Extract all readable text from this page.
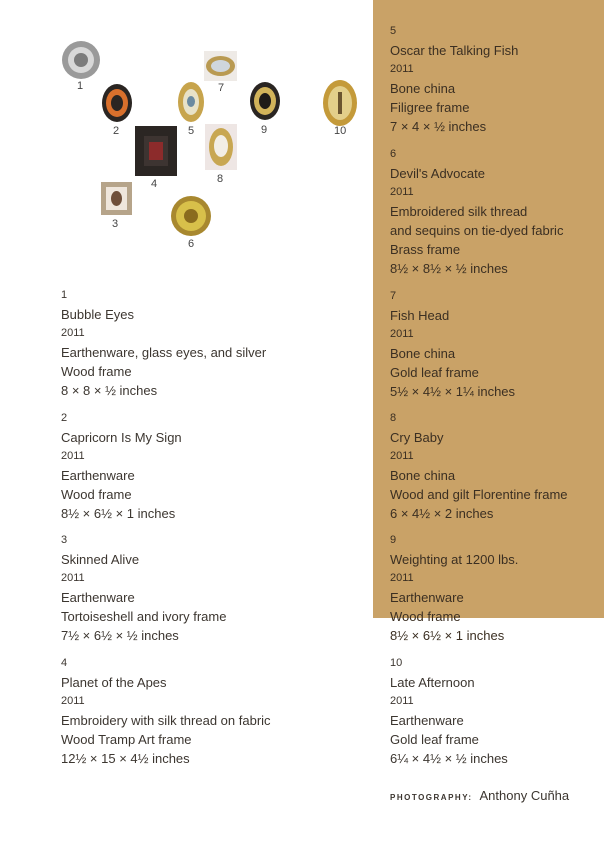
1
2
3
4
5
6
7
8
9	10
1
Bubble Eyes
2011
Earthenware, glass eyes, and silver
Wood frame
8 × 8 × ½ inches
2
Capricorn Is My Sign
2011
Earthenware
Wood frame
8½ × 6½ × 1 inches
3
Skinned Alive
2011
Earthenware
Tortoiseshell and ivory frame
7½ × 6½ × ½ inches
4
Planet of the Apes
2011
Embroidery with silk thread on fabric
Wood Tramp Art frame
12½ × 15 × 4½ inches
5
Oscar the Talking Fish
2011
Bone china
Filigree frame
7 × 4 × ½ inches
6
Devil's Advocate
2011
Embroidered silk thread
and sequins on tie-dyed fabric
Brass frame
8½ × 8½ × ½ inches
7
Fish Head
2011
Bone china
Gold leaf frame
5½ × 4½ × 1¼ inches
8
Cry Baby
2011
Bone china
Wood and gilt Florentine frame
6 × 4½ × 2 inches
9
Weighting at 1200 lbs.
2011
Earthenware
Wood frame
8½ × 6½ × 1 inches
10
Late Afternoon
2011
Earthenware
Gold leaf frame
6¼ × 4½ × ½ inches
PHOTOGRAPHY: Anthony Cuñha
